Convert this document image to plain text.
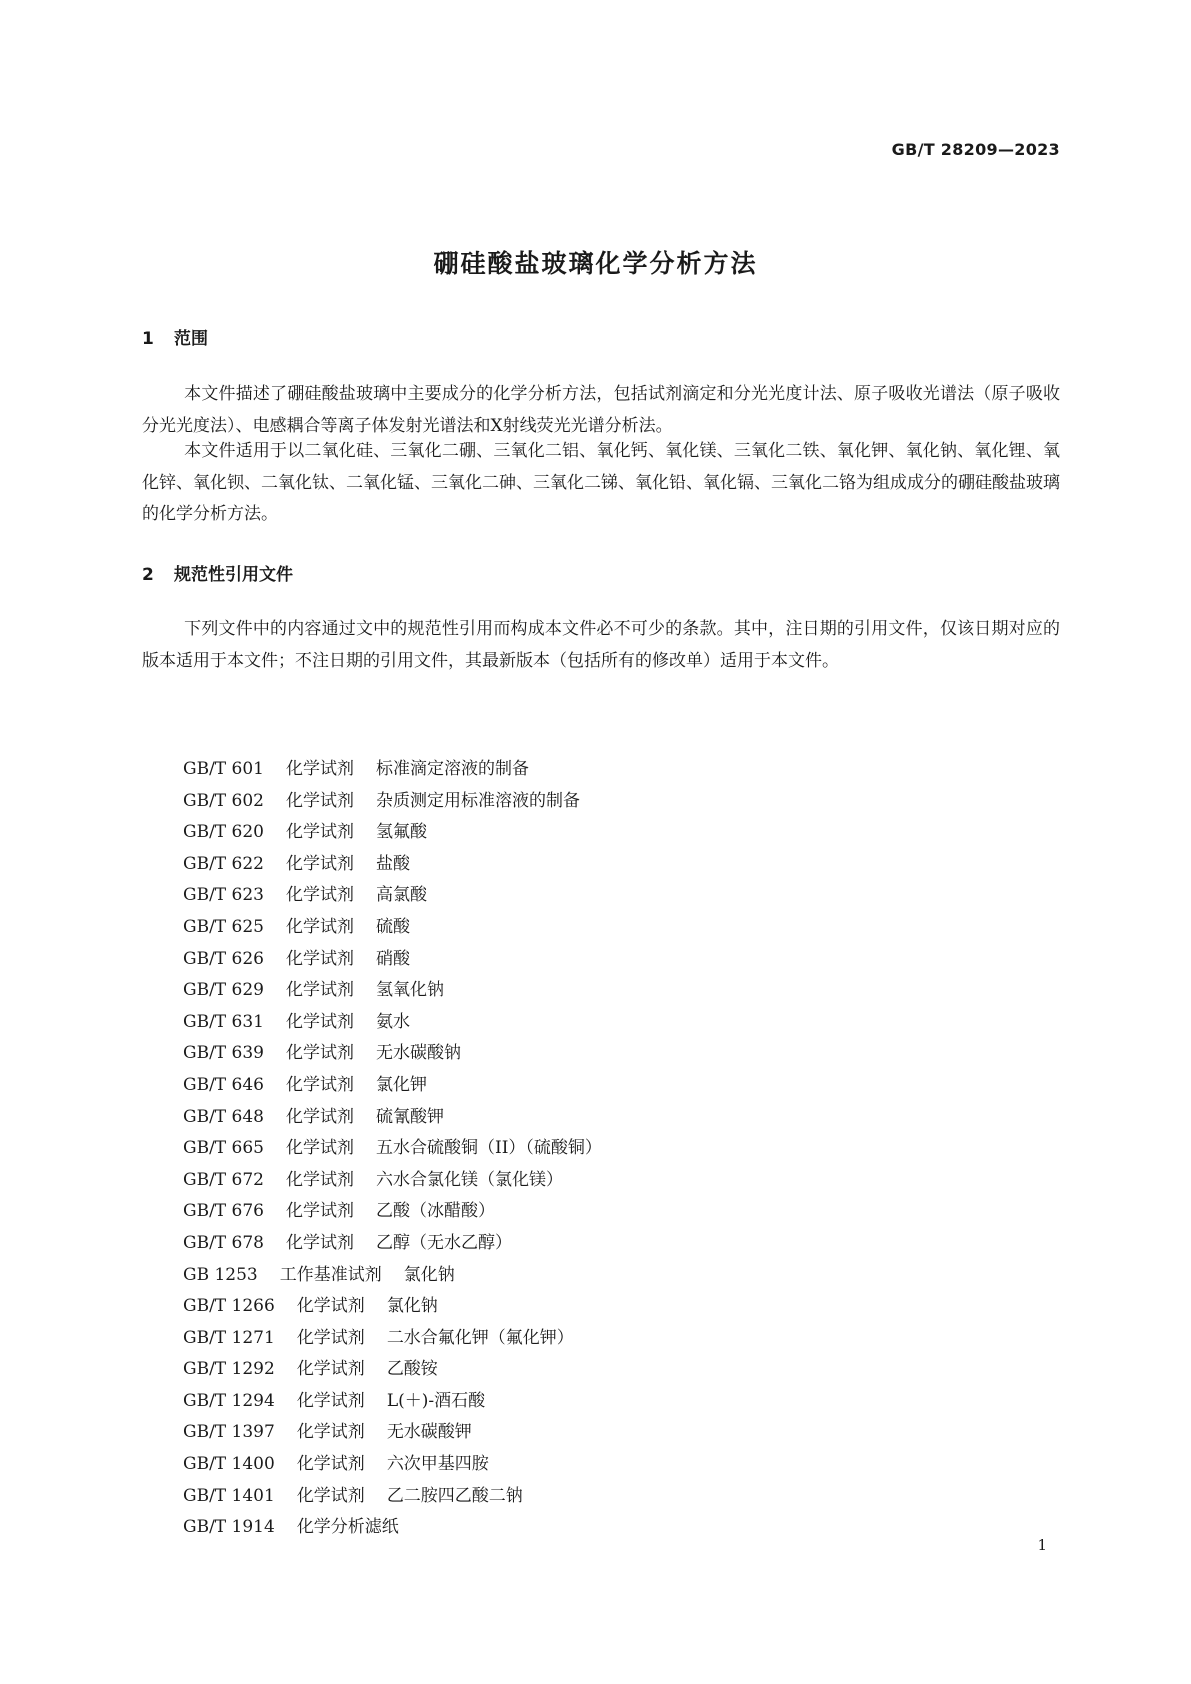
GB/T 28209—2023
硼硅酸盐玻璃化学分析方法
1 范围

本文件描述了硼硅酸盐玻璃中主要成分的化学分析方法，包括试剂滴定和分光光度计法、原子吸收光谱法（原子吸收分光光度法）、电感耦合等离子体发射光谱法和X射线荧光光谱分析法。

本文件适用于以二氧化硅、三氧化二硼、三氧化二铝、氧化钙、氧化镁、三氧化二铁、氧化钾、氧化钠、氧化锂、氧化锌、氧化钡、二氧化钛、二氧化锰、三氧化二砷、三氧化二锑、氧化铅、氧化镉、三氧化二铬为组成成分的硼硅酸盐玻璃的化学分析方法。

2 规范性引用文件

下列文件中的内容通过文中的规范性引用而构成本文件必不可少的条款。其中，注日期的引用文件，仅该日期对应的版本适用于本文件；不注日期的引用文件，其最新版本（包括所有的修改单）适用于本文件。

GB/T 601 化学试剂 标准滴定溶液的制备
GB/T 602 化学试剂 杂质测定用标准溶液的制备
GB/T 620 化学试剂 氢氟酸
GB/T 622 化学试剂 盐酸
GB/T 623 化学试剂 高氯酸
GB/T 625 化学试剂 硫酸
GB/T 626 化学试剂 硝酸
GB/T 629 化学试剂 氢氧化钠
GB/T 631 化学试剂 氨水
GB/T 639 化学试剂 无水碳酸钠
GB/T 646 化学试剂 氯化钾
GB/T 648 化学试剂 硫氰酸钾
GB/T 665 化学试剂 五水合硫酸铜（II）（硫酸铜）
GB/T 672 化学试剂 六水合氯化镁（氯化镁）
GB/T 676 化学试剂 乙酸（冰醋酸）
GB/T 678 化学试剂 乙醇（无水乙醇）
GB 1253 工作基准试剂 氯化钠
GB/T 1266 化学试剂 氯化钠
GB/T 1271 化学试剂 二水合氟化钾（氟化钾）
GB/T 1292 化学试剂 乙酸铵
GB/T 1294 化学试剂 L(＋)-酒石酸
GB/T 1397 化学试剂 无水碳酸钾
GB/T 1400 化学试剂 六次甲基四胺
GB/T 1401 化学试剂 乙二胺四乙酸二钠
GB/T 1914 化学分析滤纸
1
